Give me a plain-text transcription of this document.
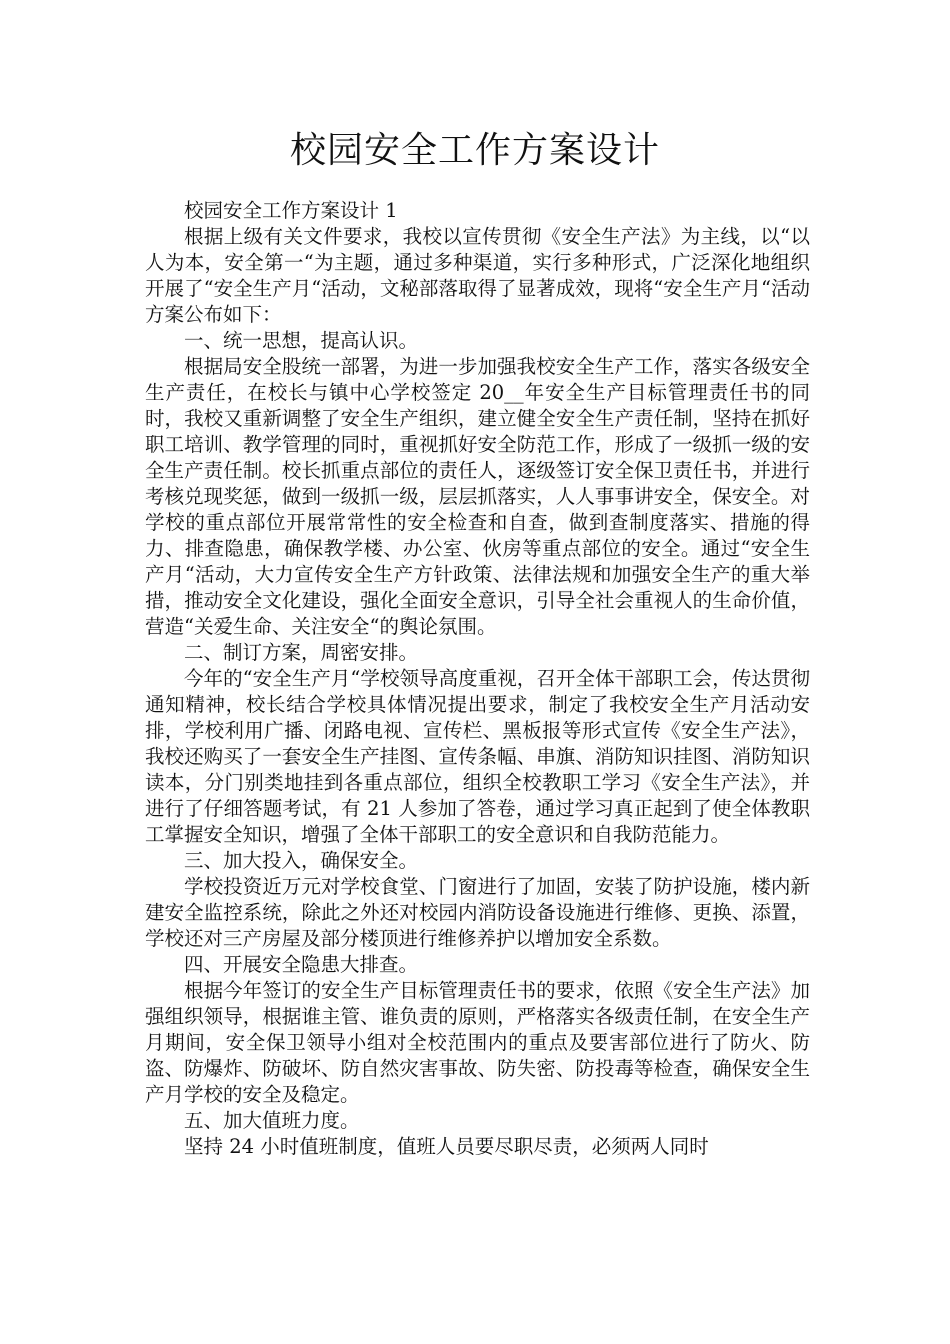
校园安全工作方案设计

校园安全工作方案设计 1

根据上级有关文件要求，我校以宣传贯彻《安全生产法》为主线，以“以人为本，安全第一“为主题，通过多种渠道，实行多种形式，广泛深化地组织开展了“安全生产月“活动，文秘部落取得了显著成效，现将“安全生产月“活动方案公布如下：

一、统一思想，提高认识。

根据局安全股统一部署，为进一步加强我校安全生产工作，落实各级安全生产责任，在校长与镇中心学校签定 20__年安全生产目标管理责任书的同时，我校又重新调整了安全生产组织，建立健全安全生产责任制，坚持在抓好职工培训、教学管理的同时，重视抓好安全防范工作，形成了一级抓一级的安全生产责任制。校长抓重点部位的责任人，逐级签订安全保卫责任书，并进行考核兑现奖惩，做到一级抓一级，层层抓落实，人人事事讲安全，保安全。对学校的重点部位开展常常性的安全检查和自查，做到查制度落实、措施的得力、排查隐患，确保教学楼、办公室、伙房等重点部位的安全。通过“安全生产月“活动，大力宣传安全生产方针政策、法律法规和加强安全生产的重大举措，推动安全文化建设，强化全面安全意识，引导全社会重视人的生命价值，营造“关爱生命、关注安全“的舆论氛围。

二、制订方案，周密安排。

今年的“安全生产月“学校领导高度重视，召开全体干部职工会，传达贯彻通知精神，校长结合学校具体情况提出要求，制定了我校安全生产月活动安排，学校利用广播、闭路电视、宣传栏、黑板报等形式宣传《安全生产法》，我校还购买了一套安全生产挂图、宣传条幅、串旗、消防知识挂图、消防知识读本，分门别类地挂到各重点部位，组织全校教职工学习《安全生产法》，并进行了仔细答题考试，有 21 人参加了答卷，通过学习真正起到了使全体教职工掌握安全知识，增强了全体干部职工的安全意识和自我防范能力。

三、加大投入，确保安全。

学校投资近万元对学校食堂、门窗进行了加固，安装了防护设施，楼内新建安全监控系统，除此之外还对校园内消防设备设施进行维修、更换、添置，学校还对三产房屋及部分楼顶进行维修养护以增加安全系数。

四、开展安全隐患大排查。

根据今年签订的安全生产目标管理责任书的要求，依照《安全生产法》加强组织领导，根据谁主管、谁负责的原则，严格落实各级责任制，在安全生产月期间，安全保卫领导小组对全校范围内的重点及要害部位进行了防火、防盗、防爆炸、防破坏、防自然灾害事故、防失密、防投毒等检查，确保安全生产月学校的安全及稳定。

五、加大值班力度。

坚持 24 小时值班制度，值班人员要尽职尽责，必须两人同时
